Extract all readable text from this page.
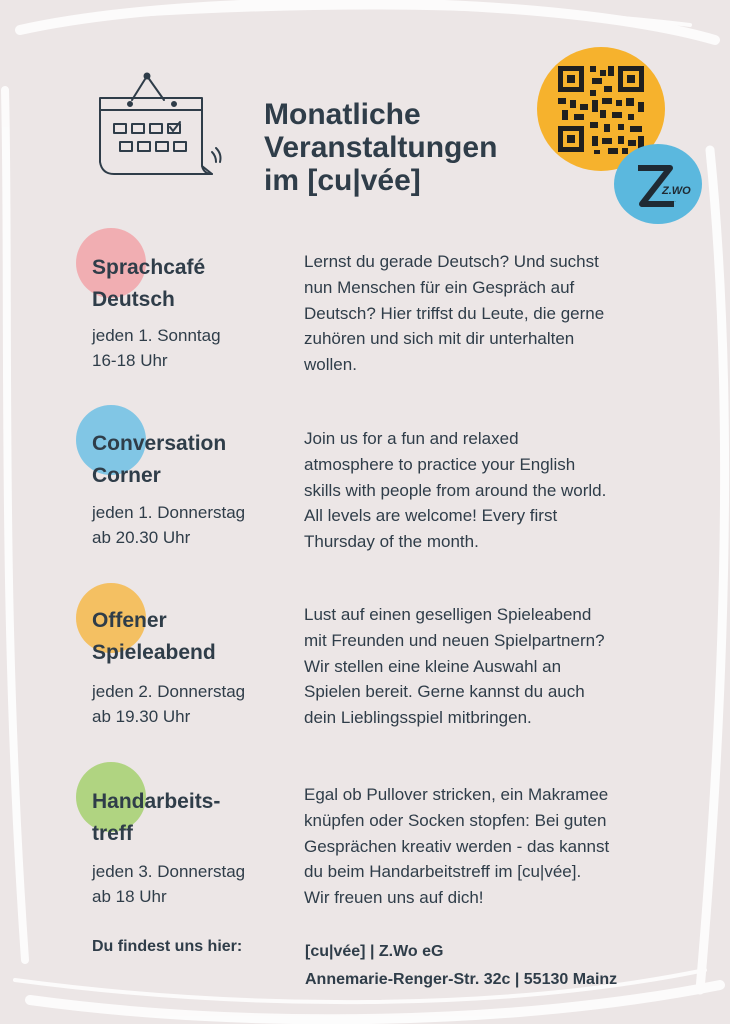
Monatliche
Veranstaltungen
im [cu|vée]	Z.WO
~~~~~~~~
Sprachcafé
Deutsch
jeden 1. Sonntag
16-18 Uhr
Lernst du gerade Deutsch? Und suchst
nun Menschen für ein Gespräch auf
Deutsch? Hier triffst du Leute, die gerne
zuhören und sich mit dir unterhalten
wollen.
Conversation
Corner
jeden 1. Donnerstag
ab 20.30 Uhr
Join us for a fun and relaxed
atmosphere to practice your English
skills with people from around the world.
All levels are welcome! Every first
Thursday of the month.
Offener
Spieleabend
jeden 2. Donnerstag
ab 19.30 Uhr
Lust auf einen geselligen Spieleabend
mit Freunden und neuen Spielpartnern?
Wir stellen eine kleine Auswahl an
Spielen bereit. Gerne kannst du auch
dein Lieblingsspiel mitbringen.
Handarbeits-
treff
jeden 3. Donnerstag
ab 18 Uhr
Egal ob Pullover stricken, ein Makramee
knüpfen oder Socken stopfen: Bei guten
Gesprächen kreativ werden - das kannst
du beim Handarbeitstreff im [cu|vée].
Wir freuen uns auf dich!
Du findest uns hier:	[cu|vée] | Z.Wo eG
Annemarie-Renger-Str. 32c | 55130 Mainz
